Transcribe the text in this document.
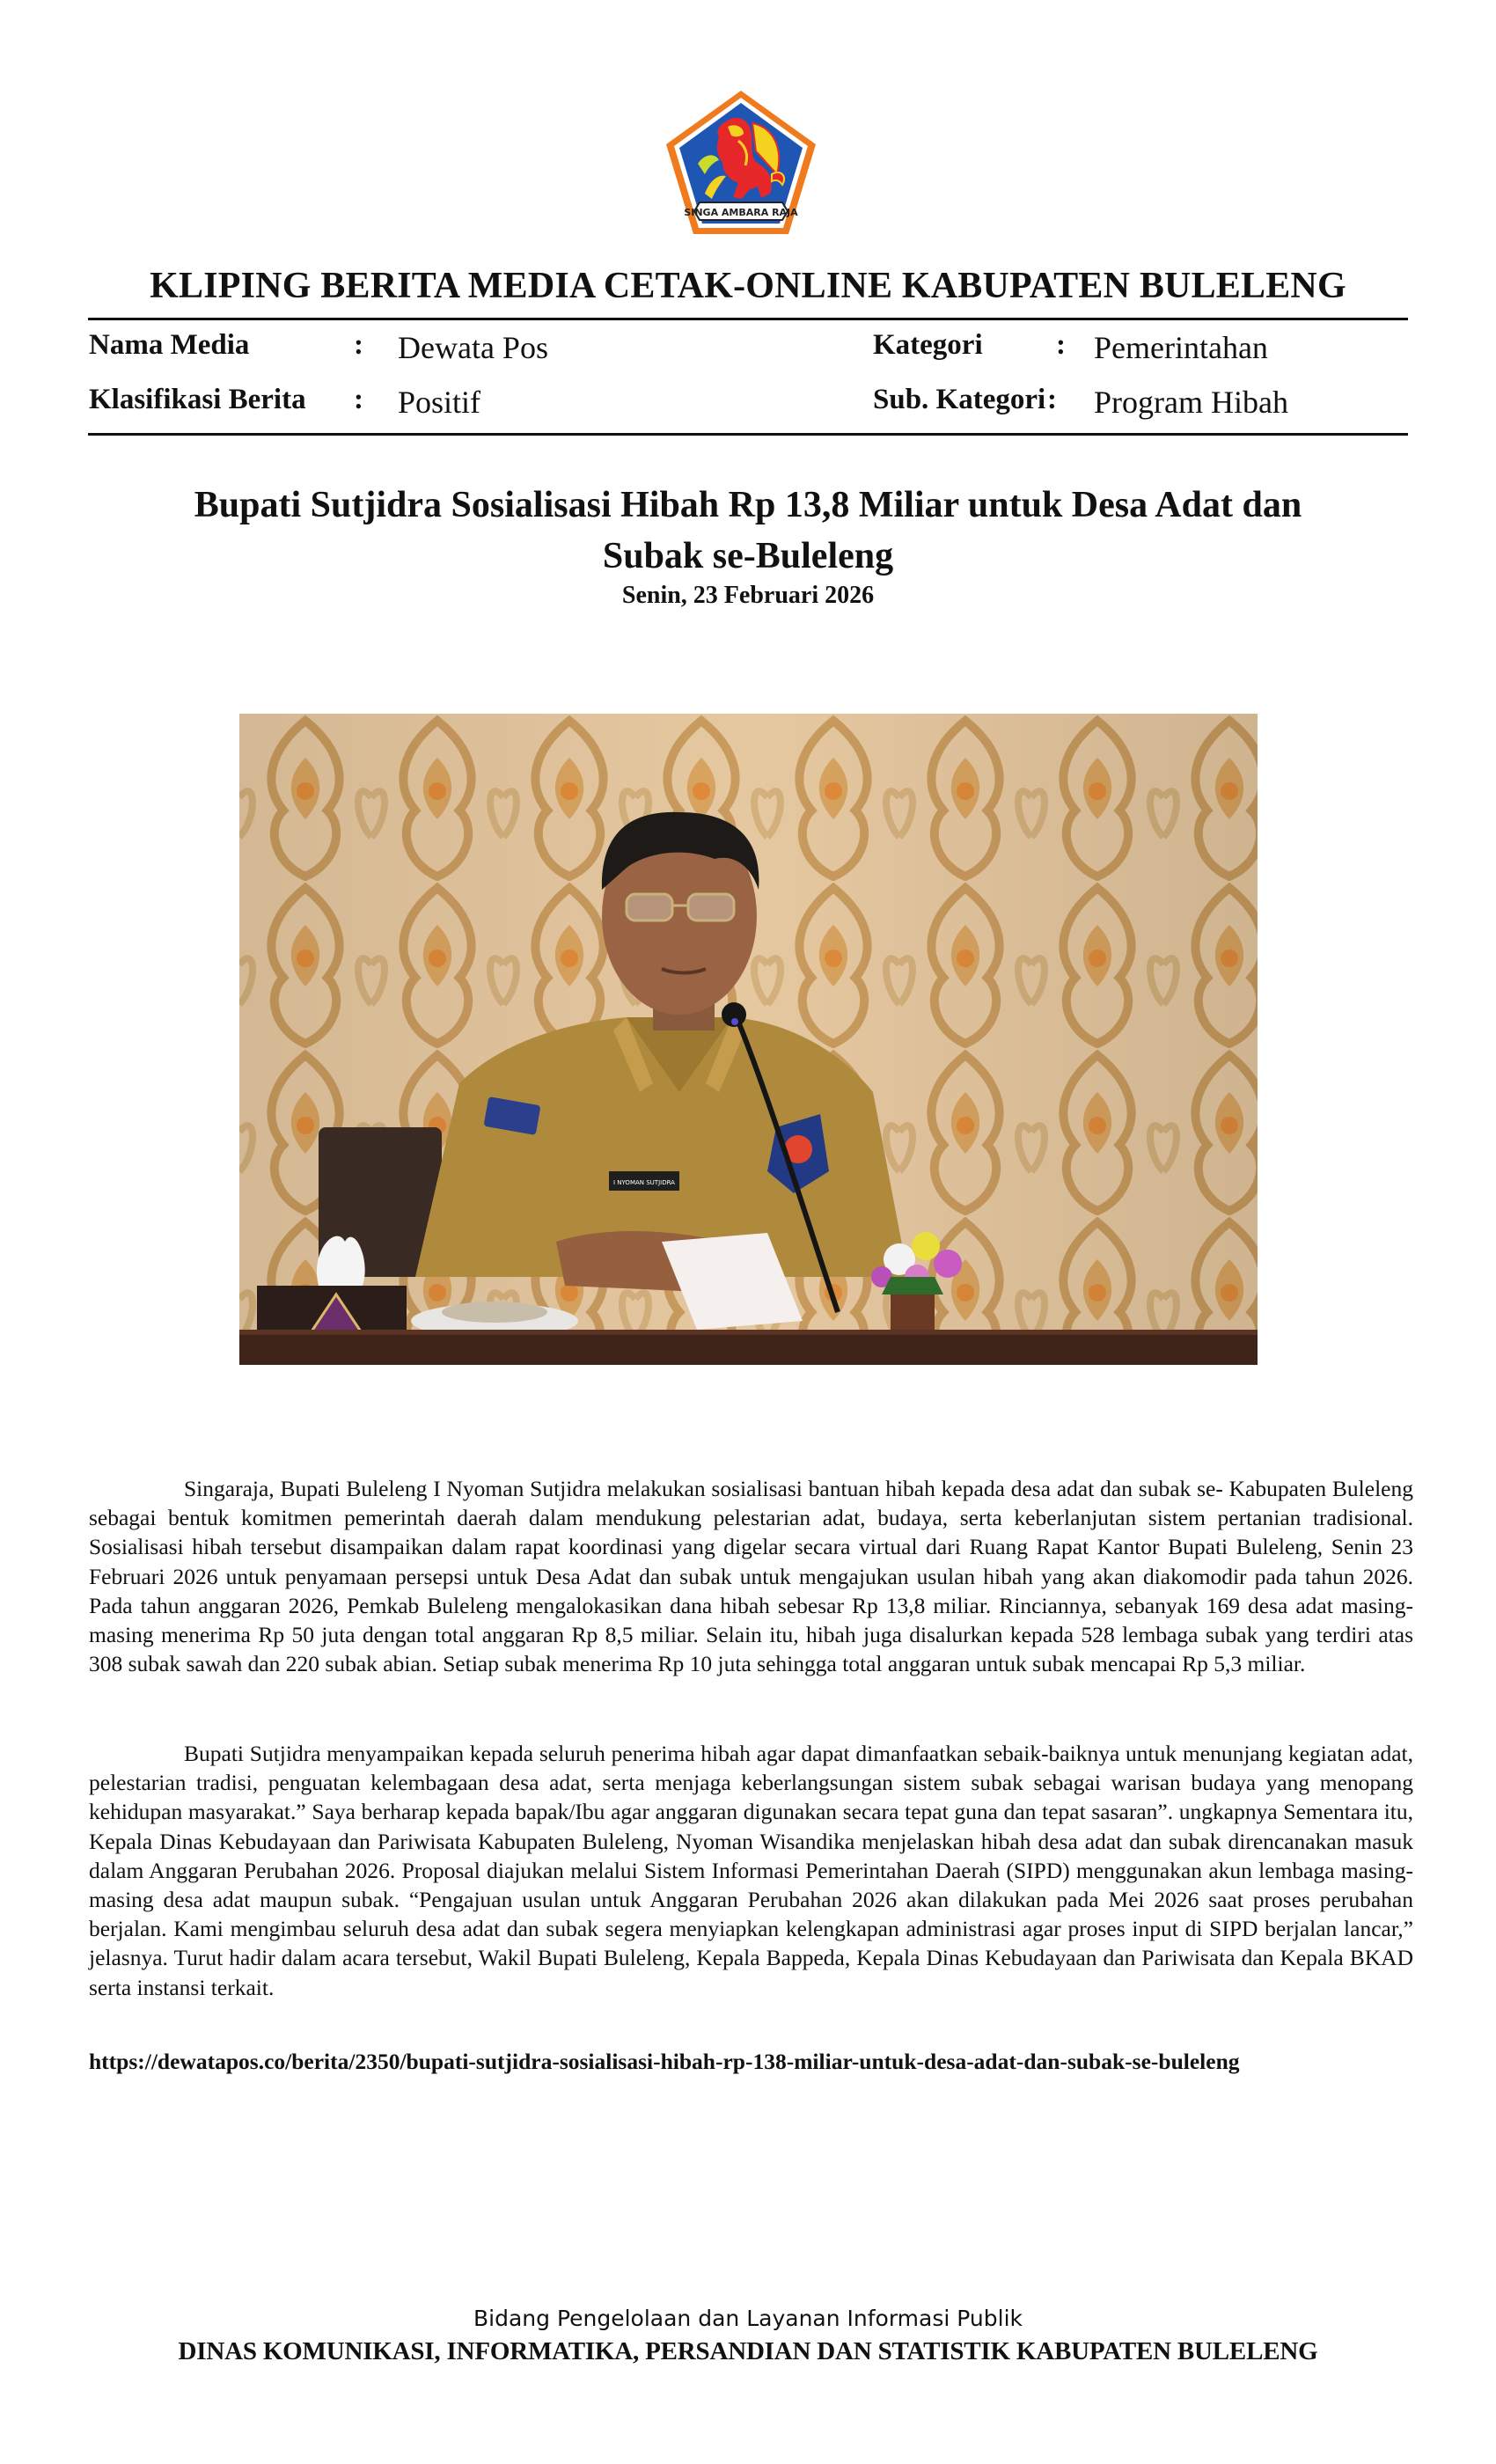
SINGA AMBARA RAJA
KLIPING BERITA MEDIA CETAK-ONLINE KABUPATEN BULELENG
Nama Media	: Dewata Pos
Klasifikasi Berita : Positif
Kategori	: Pemerintahan
Sub. Kategori : Program Hibah
Bupati Sutjidra Sosialisasi Hibah Rp 13,8 Miliar untuk Desa Adat dan
Subak se-Buleleng
Senin, 23 Februari 2026
I NYOMAN SUTJIDRA
Singaraja, Bupati Buleleng I Nyoman Sutjidra melakukan sosialisasi bantuan hibah kepada desa adat dan subak se- Kabupaten Buleleng sebagai bentuk komitmen pemerintah daerah dalam mendukung pelestarian adat, budaya, serta keberlanjutan sistem pertanian tradisional. Sosialisasi hibah tersebut disampaikan dalam rapat koordinasi yang digelar secara virtual dari Ruang Rapat Kantor Bupati Buleleng, Senin 23 Februari 2026 untuk penyamaan persepsi untuk Desa Adat dan subak untuk mengajukan usulan hibah yang akan diakomodir pada tahun 2026. Pada tahun anggaran 2026, Pemkab Buleleng mengalokasikan dana hibah sebesar Rp 13,8 miliar. Rinciannya, sebanyak 169 desa adat masing-masing menerima Rp 50 juta dengan total anggaran Rp 8,5 miliar. Selain itu, hibah juga disalurkan kepada 528 lembaga subak yang terdiri atas 308 subak sawah dan 220 subak abian. Setiap subak menerima Rp 10 juta sehingga total anggaran untuk subak mencapai Rp 5,3 miliar.
Bupati Sutjidra menyampaikan kepada seluruh penerima hibah agar dapat dimanfaatkan sebaik-baiknya untuk menunjang kegiatan adat, pelestarian tradisi, penguatan kelembagaan desa adat, serta menjaga keberlangsungan sistem subak sebagai warisan budaya yang menopang kehidupan masyarakat.” Saya berharap kepada bapak/Ibu agar anggaran digunakan secara tepat guna dan tepat sasaran”. ungkapnya Sementara itu, Kepala Dinas Kebudayaan dan Pariwisata Kabupaten Buleleng, Nyoman Wisandika menjelaskan hibah desa adat dan subak direncanakan masuk dalam Anggaran Perubahan 2026. Proposal diajukan melalui Sistem Informasi Pemerintahan Daerah (SIPD) menggunakan akun lembaga masing-masing desa adat maupun subak. “Pengajuan usulan untuk Anggaran Perubahan 2026 akan dilakukan pada Mei 2026 saat proses perubahan berjalan. Kami mengimbau seluruh desa adat dan subak segera menyiapkan kelengkapan administrasi agar proses input di SIPD berjalan lancar,” jelasnya. Turut hadir dalam acara tersebut, Wakil Bupati Buleleng, Kepala Bappeda, Kepala Dinas Kebudayaan dan Pariwisata dan Kepala BKAD serta instansi terkait.
https://dewatapos.co/berita/2350/bupati-sutjidra-sosialisasi-hibah-rp-138-miliar-untuk-desa-adat-dan-subak-se-buleleng
Bidang Pengelolaan dan Layanan Informasi Publik
DINAS KOMUNIKASI, INFORMATIKA, PERSANDIAN DAN STATISTIK KABUPATEN BULELENG
